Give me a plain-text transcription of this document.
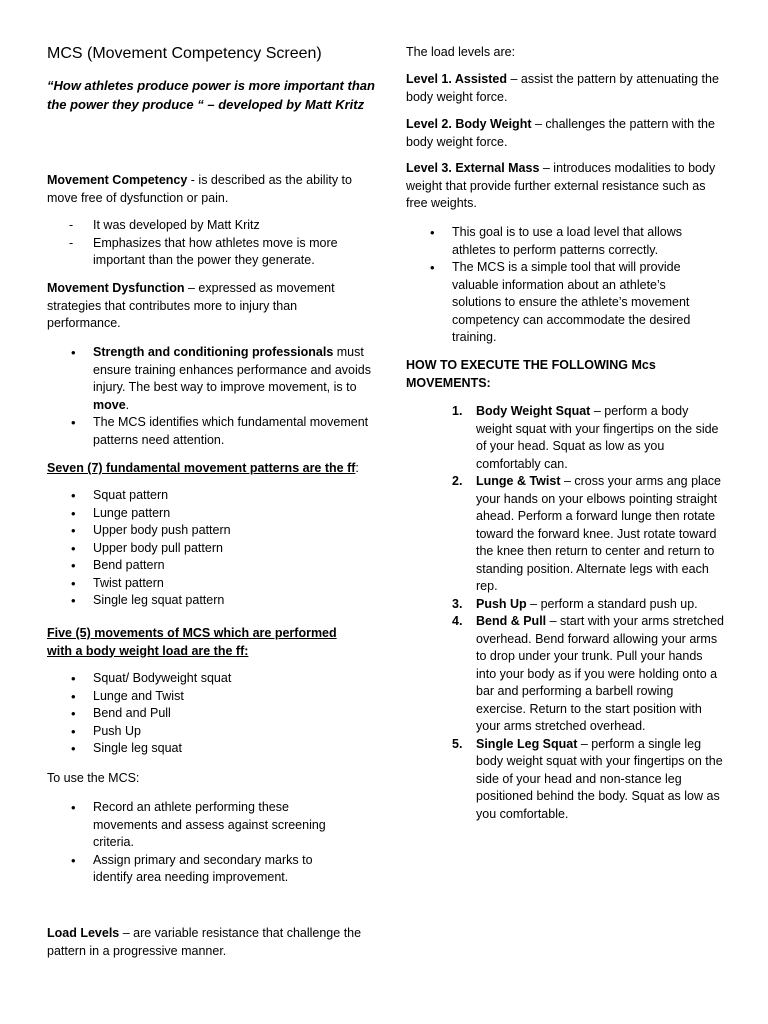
MCS (Movement Competency Screen)

“How athletes produce power is more important than the power they produce “ – developed by Matt Kritz

Movement Competency - is described as the ability to move free of dysfunction or pain.

- It was developed by Matt Kritz
- Emphasizes that how athletes move is more important than the power they generate.

Movement Dysfunction – expressed as movement strategies that contributes more to injury than performance.

• Strength and conditioning professionals must ensure training enhances performance and avoids injury. The best way to improve movement, is to move.
• The MCS identifies which fundamental movement patterns need attention.

Seven (7) fundamental movement patterns are the ff:

• Squat pattern
• Lunge pattern
• Upper body push pattern
• Upper body pull pattern
• Bend pattern
• Twist pattern
• Single leg squat pattern

Five (5) movements of MCS which are performed with a body weight load are the ff:

• Squat/ Bodyweight squat
• Lunge and Twist
• Bend and Pull
• Push Up
• Single leg squat

To use the MCS:

• Record an athlete performing these movements and assess against screening criteria.
• Assign primary and secondary marks to identify area needing improvement.

Load Levels – are variable resistance that challenge the pattern in a progressive manner.

The load levels are:

Level 1. Assisted – assist the pattern by attenuating the body weight force.

Level 2. Body Weight – challenges the pattern with the body weight force.

Level 3. External Mass – introduces modalities to body weight that provide further external resistance such as free weights.

• This goal is to use a load level that allows athletes to perform patterns correctly.
• The MCS is a simple tool that will provide valuable information about an athlete’s solutions to ensure the athlete’s movement competency can accommodate the desired training.

HOW TO EXECUTE THE FOLLOWING Mcs MOVEMENTS:

1. Body Weight Squat – perform a body weight squat with your fingertips on the side of your head. Squat as low as you comfortably can.
2. Lunge & Twist – cross your arms ang place your hands on your elbows pointing straight ahead. Perform a forward lunge then rotate toward the forward knee. Just rotate toward the knee then return to center and return to standing position. Alternate legs with each rep.
3. Push Up – perform a standard push up.
4. Bend & Pull – start with your arms stretched overhead. Bend forward allowing your arms to drop under your trunk. Pull your hands into your body as if you were holding onto a bar and performing a barbell rowing exercise. Return to the start position with your arms stretched overhead.
5. Single Leg Squat – perform a single leg body weight squat with your fingertips on the side of your head and non-stance leg positioned behind the body. Squat as low as you comfortable.
